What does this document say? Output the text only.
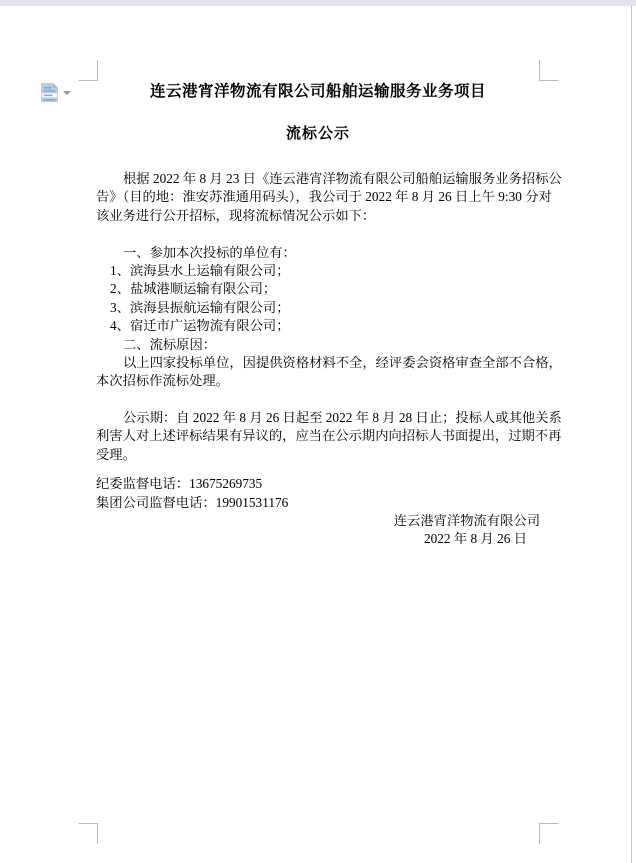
连云港宵洋物流有限公司船舶运输服务业务项目
流标公示
根据 2022 年 8 月 23 日《连云港宵洋物流有限公司船舶运输服务业务招标公
告》（目的地：淮安苏淮通用码头），我公司于 2022 年 8 月 26 日上午 9:30 分对
该业务进行公开招标，现将流标情况公示如下：
一、参加本次投标的单位有：
1、滨海县水上运输有限公司；
2、盐城港顺运输有限公司；
3、滨海县振航运输有限公司；
4、宿迁市广运物流有限公司；
二、流标原因：
以上四家投标单位，因提供资格材料不全，经评委会资格审查全部不合格，
本次招标作流标处理。
公示期：自 2022 年 8 月 26 日起至 2022 年 8 月 28 日止；投标人或其他关系
利害人对上述评标结果有异议的，应当在公示期内向招标人书面提出，过期不再
受理。
纪委监督电话：13675269735
集团公司监督电话：19901531176
连云港宵洋物流有限公司
2022 年 8 月 26 日
